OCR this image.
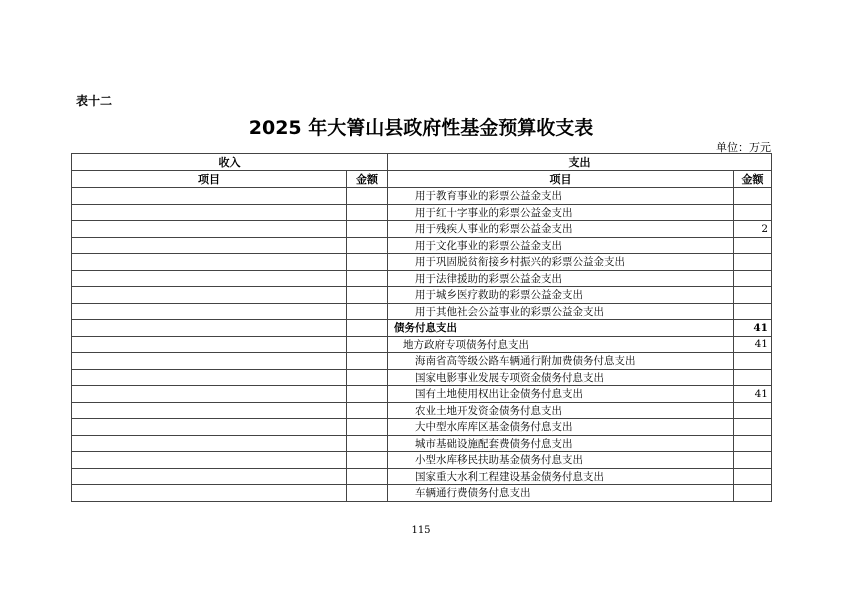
表十二
2025 年大箐山县政府性基金预算收支表
单位：万元
收入		支出	
项目	金额	项目	金额
		用于教育事业的彩票公益金支出	
		用于红十字事业的彩票公益金支出	
		用于残疾人事业的彩票公益金支出	2
		用于文化事业的彩票公益金支出	
		用于巩固脱贫衔接乡村振兴的彩票公益金支出	
		用于法律援助的彩票公益金支出	
		用于城乡医疗救助的彩票公益金支出	
		用于其他社会公益事业的彩票公益金支出	
		债务付息支出	41
		地方政府专项债务付息支出	41
		海南省高等级公路车辆通行附加费债务付息支出	
		国家电影事业发展专项资金债务付息支出	
		国有土地使用权出让金债务付息支出	41
		农业土地开发资金债务付息支出	
		大中型水库库区基金债务付息支出	
		城市基础设施配套费债务付息支出	
		小型水库移民扶助基金债务付息支出	
		国家重大水利工程建设基金债务付息支出	
		车辆通行费债务付息支出	
115
